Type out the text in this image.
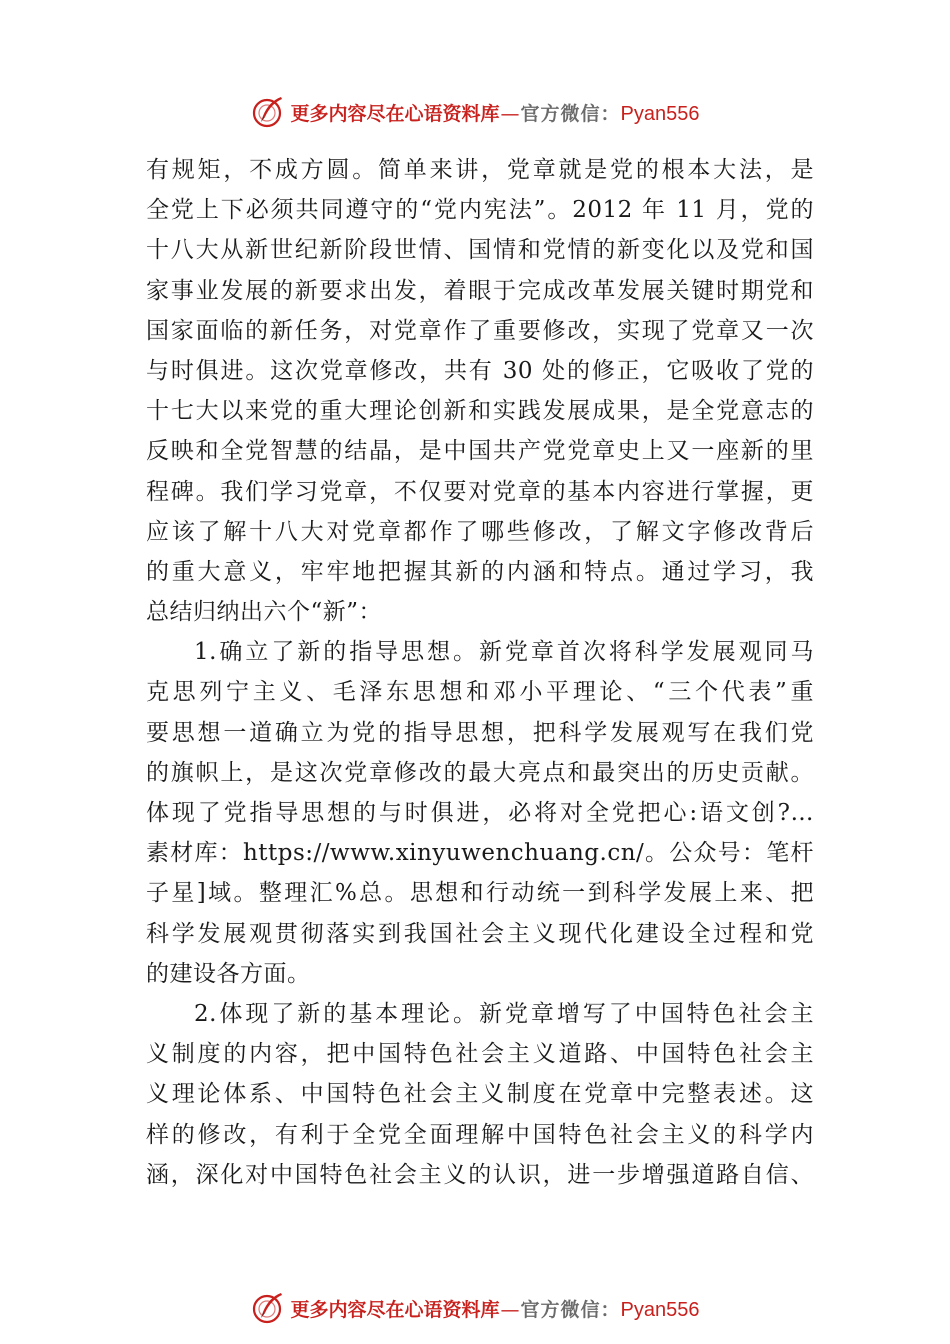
更多内容尽在心语资料库 — 官方微信： Pyan556
有规矩，不成方圆。简单来讲，党章就是党的根本大法，是
全党上下必须共同遵守的“党内宪法”。2012 年 11 月，党的
十八大从新世纪新阶段世情、国情和党情的新变化以及党和国
家事业发展的新要求出发，着眼于完成改革发展关键时期党和
国家面临的新任务，对党章作了重要修改，实现了党章又一次
与时俱进。这次党章修改，共有 30 处的修正，它吸收了党的
十七大以来党的重大理论创新和实践发展成果，是全党意志的
反映和全党智慧的结晶，是中国共产党党章史上又一座新的里
程碑。我们学习党章，不仅要对党章的基本内容进行掌握，更
应该了解十八大对党章都作了哪些修改，了解文字修改背后
的重大意义，牢牢地把握其新的内涵和特点。通过学习，我
总结归纳出六个“新”：
1.确立了新的指导思想。新党章首次将科学发展观同马
克思列宁主义、毛泽东思想和邓小平理论、“三个代表”重
要思想一道确立为党的指导思想，把科学发展观写在我们党
的旗帜上，是这次党章修改的最大亮点和最突出的历史贡献。
体现了党指导思想的与时俱进，必将对全党把心:语文创?…
素材库：https://www.xinyuwenchuang.cn/。公众号：笔杆
子星]域。整理汇%总。思想和行动统一到科学发展上来、把
科学发展观贯彻落实到我国社会主义现代化建设全过程和党
的建设各方面。
2.体现了新的基本理论。新党章增写了中国特色社会主
义制度的内容，把中国特色社会主义道路、中国特色社会主
义理论体系、中国特色社会主义制度在党章中完整表述。这
样的修改，有利于全党全面理解中国特色社会主义的科学内
涵，深化对中国特色社会主义的认识，进一步增强道路自信、
更多内容尽在心语资料库 — 官方微信： Pyan556
